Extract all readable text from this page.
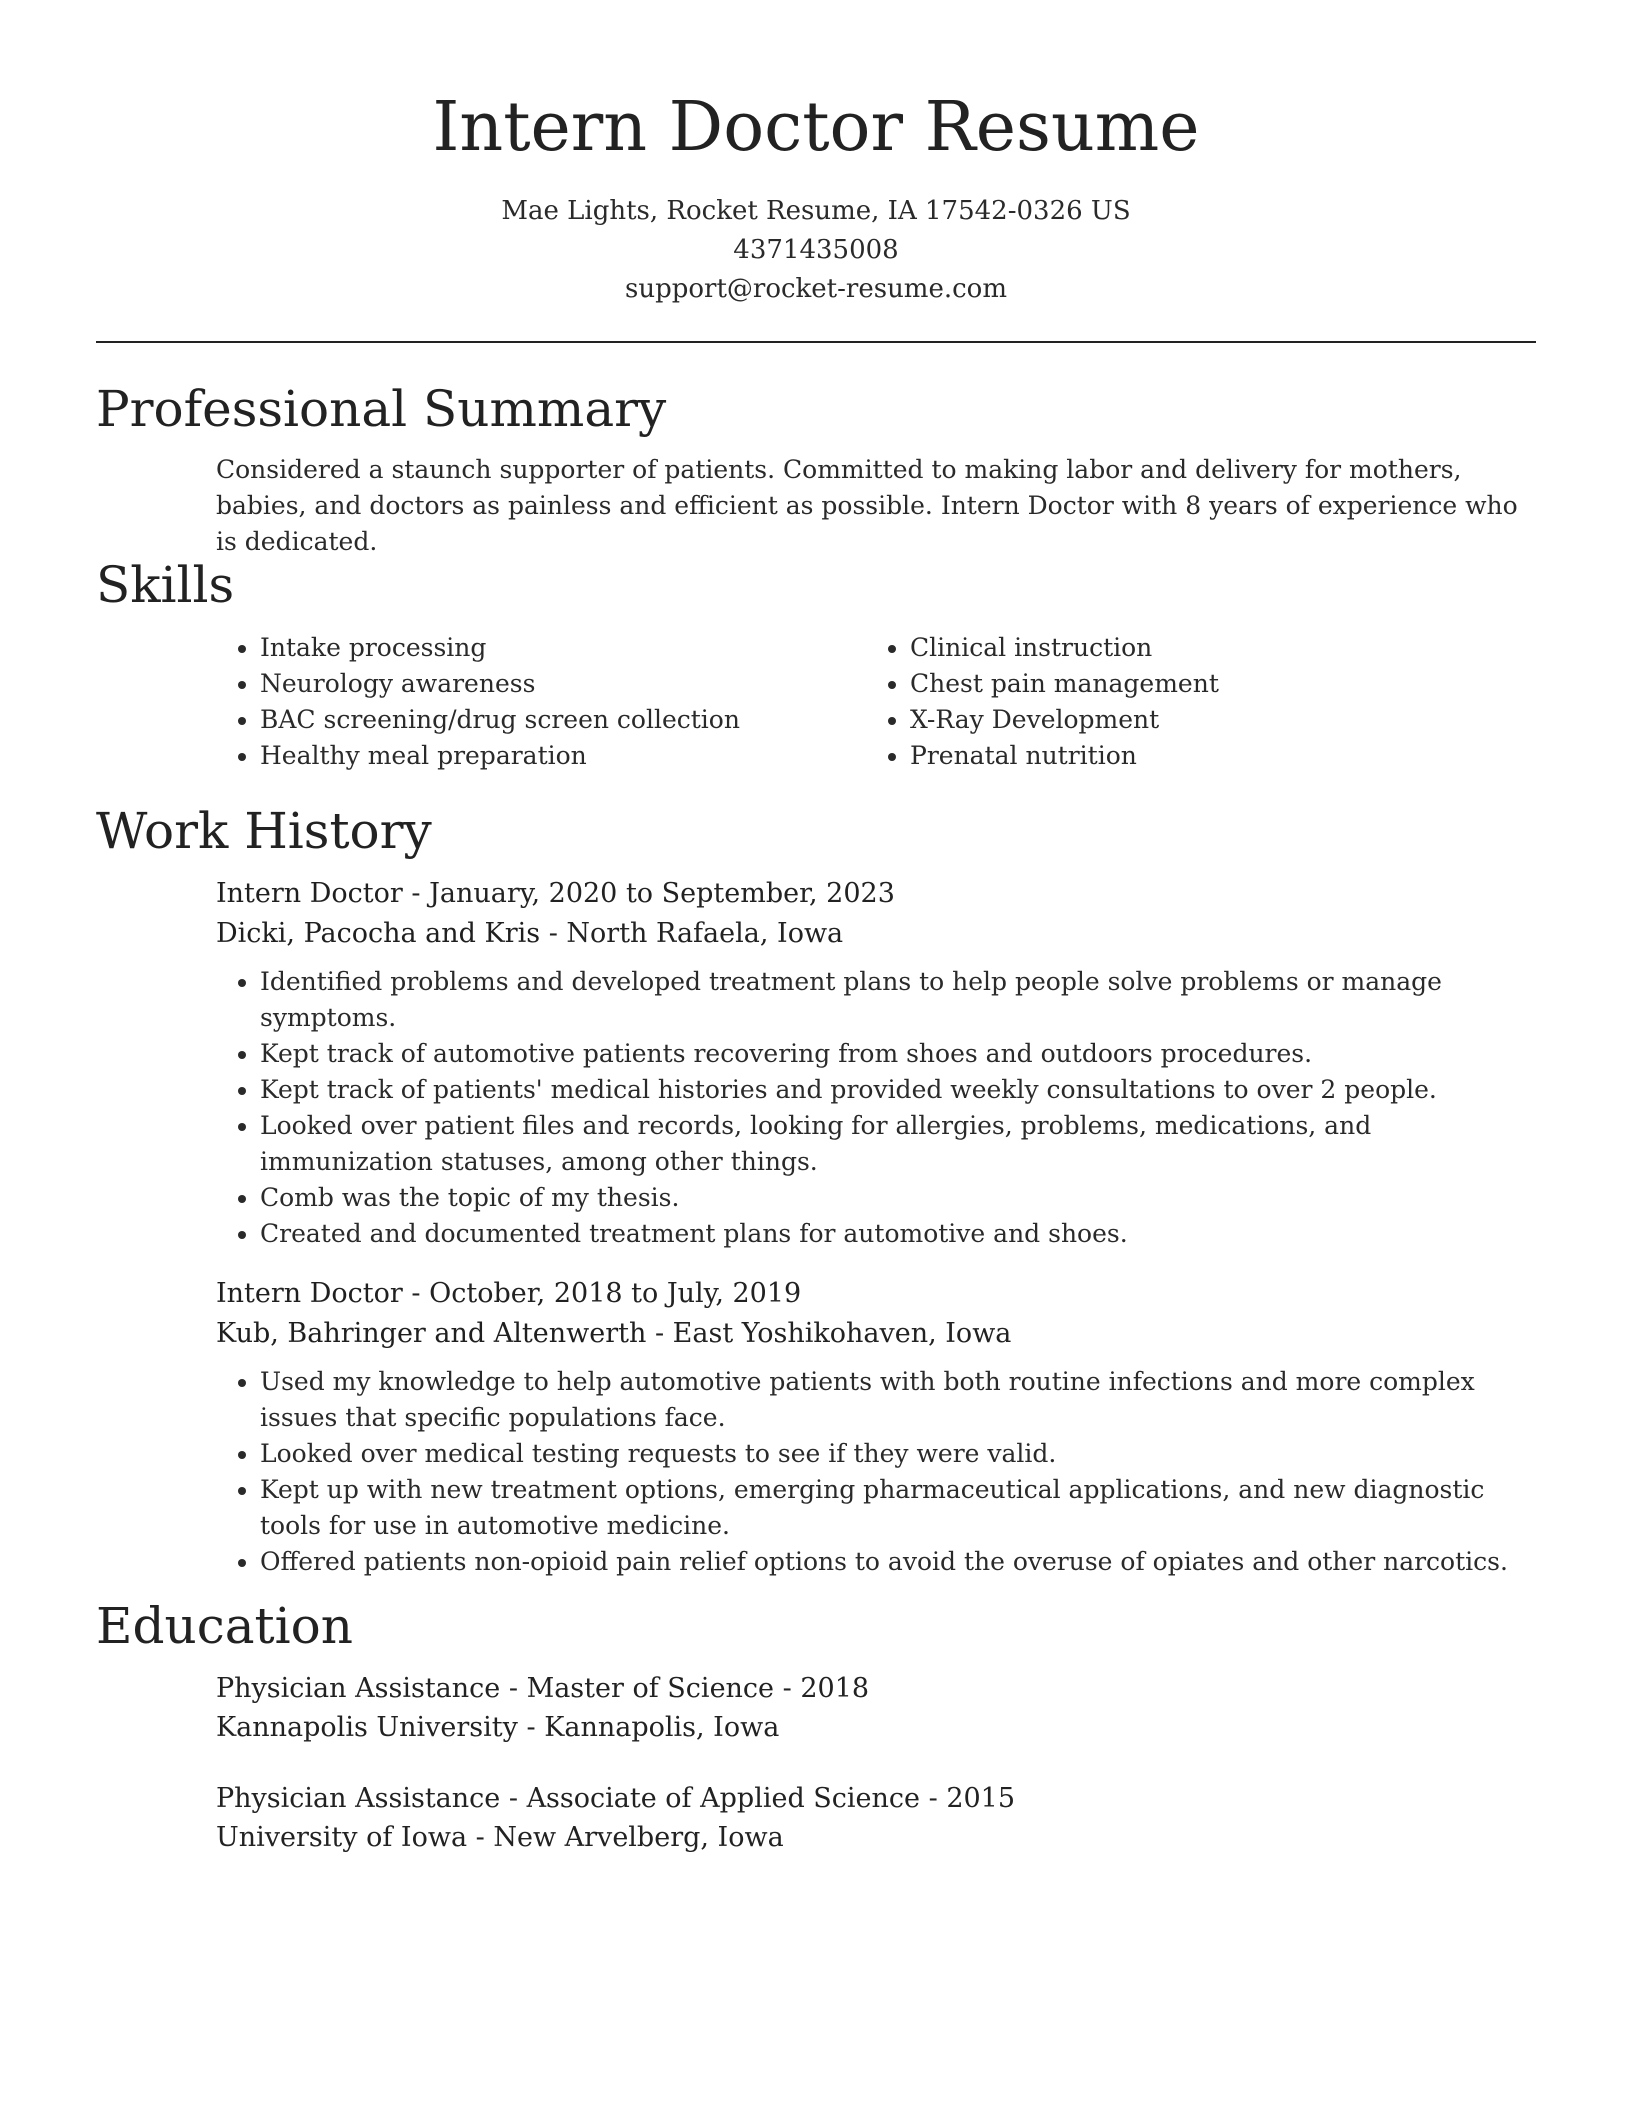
Intern Doctor Resume
Mae Lights, Rocket Resume, IA 17542-0326 US
4371435008
support@rocket-resume.com
Professional Summary
Considered a staunch supporter of patients. Committed to making labor and delivery for mothers, babies, and doctors as painless and efficient as possible. Intern Doctor with 8 years of experience who is dedicated.
Skills
• Intake processing
• Neurology awareness
• BAC screening/drug screen collection
• Healthy meal preparation
• Clinical instruction
• Chest pain management
• X-Ray Development
• Prenatal nutrition
Work History
Intern Doctor - January, 2020 to September, 2023
Dicki, Pacocha and Kris - North Rafaela, Iowa
• Identified problems and developed treatment plans to help people solve problems or manage symptoms.
• Kept track of automotive patients recovering from shoes and outdoors procedures.
• Kept track of patients' medical histories and provided weekly consultations to over 2 people.
• Looked over patient files and records, looking for allergies, problems, medications, and immunization statuses, among other things.
• Comb was the topic of my thesis.
• Created and documented treatment plans for automotive and shoes.
Intern Doctor - October, 2018 to July, 2019
Kub, Bahringer and Altenwerth - East Yoshikohaven, Iowa
• Used my knowledge to help automotive patients with both routine infections and more complex issues that specific populations face.
• Looked over medical testing requests to see if they were valid.
• Kept up with new treatment options, emerging pharmaceutical applications, and new diagnostic tools for use in automotive medicine.
• Offered patients non-opioid pain relief options to avoid the overuse of opiates and other narcotics.
Education
Physician Assistance - Master of Science - 2018
Kannapolis University - Kannapolis, Iowa
Physician Assistance - Associate of Applied Science - 2015
University of Iowa - New Arvelberg, Iowa
